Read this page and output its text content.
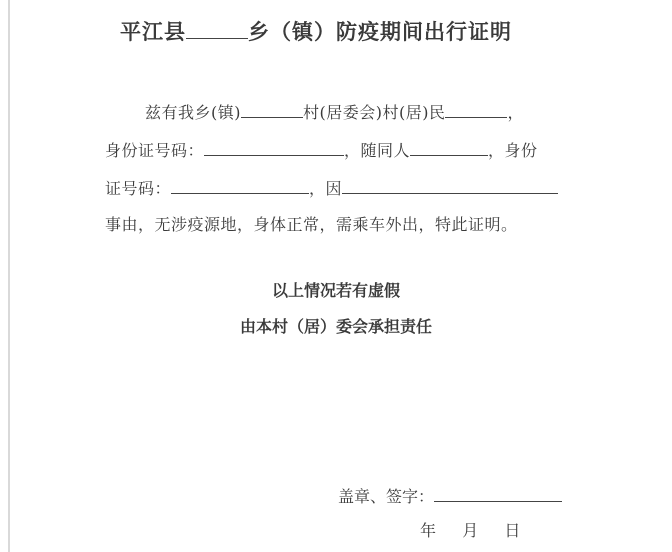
平江县	乡（镇）防疫期间出行证明
兹有我乡(镇)	村(居委会)村(居)民	，
身份证号码：	，随同人	，身份
证号码：	，因
事由，无涉疫源地，身体正常，需乘车外出，特此证明。
以上情况若有虚假
由本村（居）委会承担责任
盖章、签字：
年 月 日
